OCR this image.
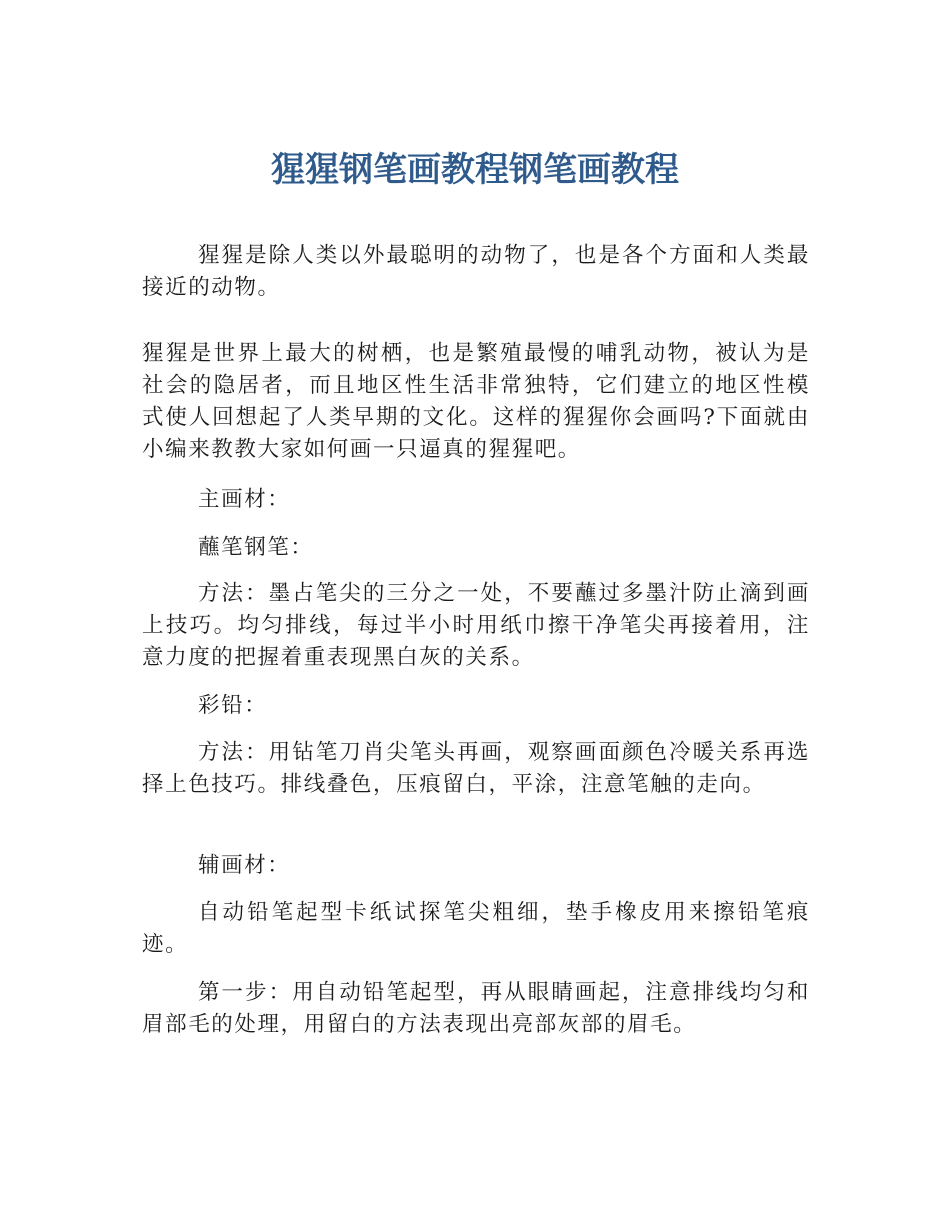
猩猩钢笔画教程钢笔画教程

猩猩是除人类以外最聪明的动物了，也是各个方面和人类最接近的动物。

猩猩是世界上最大的树栖，也是繁殖最慢的哺乳动物，被认为是社会的隐居者，而且地区性生活非常独特，它们建立的地区性模式使人回想起了人类早期的文化。这样的猩猩你会画吗?下面就由小编来教教大家如何画一只逼真的猩猩吧。

主画材：

蘸笔钢笔：

方法：墨占笔尖的三分之一处，不要蘸过多墨汁防止滴到画上技巧。均匀排线，每过半小时用纸巾擦干净笔尖再接着用，注意力度的把握着重表现黑白灰的关系。

彩铅：

方法：用钻笔刀肖尖笔头再画，观察画面颜色冷暖关系再选择上色技巧。排线叠色，压痕留白，平涂，注意笔触的走向。

辅画材：

自动铅笔起型卡纸试探笔尖粗细，垫手橡皮用来擦铅笔痕迹。

第一步：用自动铅笔起型，再从眼睛画起，注意排线均匀和眉部毛的处理，用留白的方法表现出亮部灰部的眉毛。
